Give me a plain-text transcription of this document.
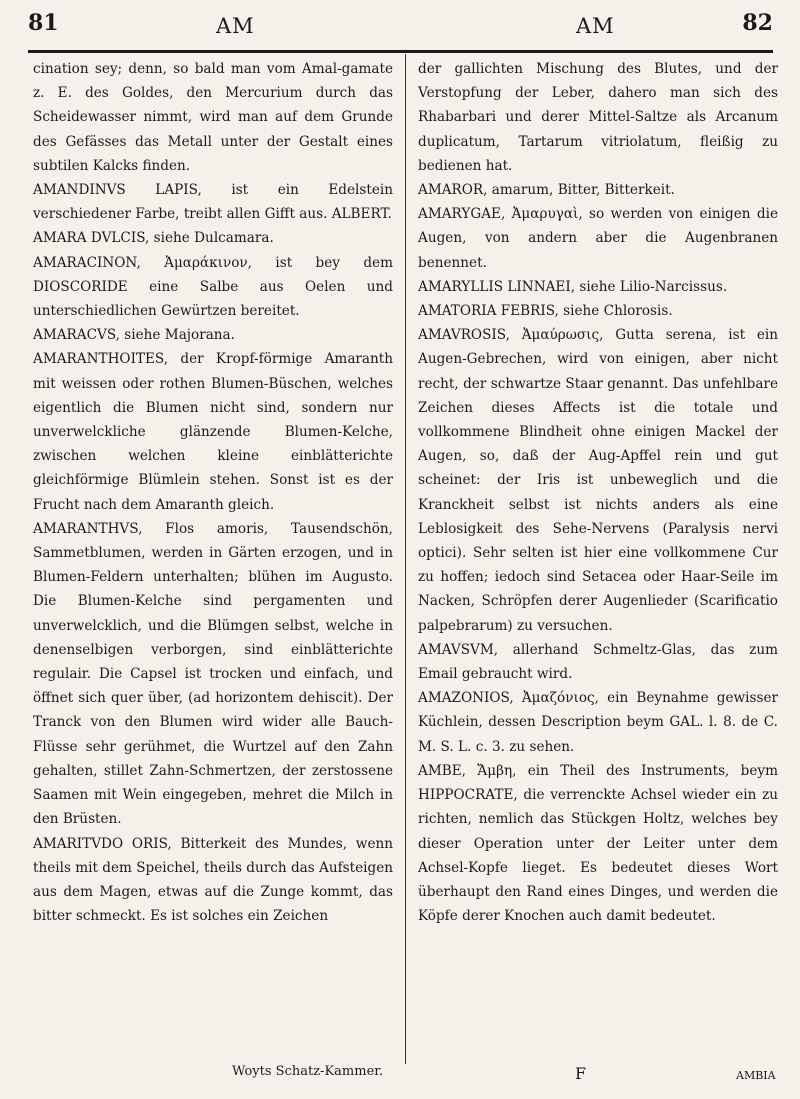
81	AM	AM	82

cination sey; denn, so bald man vom Amal-gamate z. E. des Goldes, den Mercurium durch das Scheidewasser nimmt, wird man auf dem Grunde des Gefässes das Metall unter der Gestalt eines subtilen Kalcks finden.

AMANDINVS LAPIS, ist ein Edelstein verschiedener Farbe, treibt allen Gifft aus. ALBERT.

AMARA DVLCIS, siehe Dulcamara.

AMARACINON, Ἀμαράκινον, ist bey dem DIOSCORIDE eine Salbe aus Oelen und unterschiedlichen Gewürtzen bereitet.

AMARACVS, siehe Majorana.

AMARANTHOITES, der Kropf-förmige Amaranth mit weissen oder rothen Blumen-Büschen, welches eigentlich die Blumen nicht sind, sondern nur unverwelckliche glänzende Blumen-Kelche, zwischen welchen kleine einblätterichte gleichförmige Blümlein stehen. Sonst ist es der Frucht nach dem Amaranth gleich.

AMARANTHVS, Flos amoris, Tausendschön, Sammetblumen, werden in Gärten erzogen, und in Blumen-Feldern unterhalten; blühen im Augusto. Die Blumen-Kelche sind pergamenten und unverwelcklich, und die Blümgen selbst, welche in denenselbigen verborgen, sind einblätterichte regulair. Die Capsel ist trocken und einfach, und öffnet sich quer über, (ad horizontem dehiscit). Der Tranck von den Blumen wird wider alle Bauch-Flüsse sehr gerühmet, die Wurtzel auf den Zahn gehalten, stillet Zahn-Schmertzen, der zerstossene Saamen mit Wein eingegeben, mehret die Milch in den Brüsten.

AMARITVDO ORIS, Bitterkeit des Mundes, wenn theils mit dem Speichel, theils durch das Aufsteigen aus dem Magen, etwas auf die Zunge kommt, das bitter schmeckt. Es ist solches ein Zeichen

Woyts Schatz-Kammer.

der gallichten Mischung des Blutes, und der Verstopfung der Leber, dahero man sich des Rhabarbari und derer Mittel-Saltze als Arcanum duplicatum, Tartarum vitriolatum, fleißig zu bedienen hat.

AMAROR, amarum, Bitter, Bitterkeit.

AMARYGAE, Ἀμαρυγαὶ, so werden von einigen die Augen, von andern aber die Augenbranen benennet.

AMARYLLIS LINNAEI, siehe Lilio-Narcissus.

AMATORIA FEBRIS, siehe Chlorosis.

AMAVROSIS, Ἀμαύρωσις, Gutta serena, ist ein Augen-Gebrechen, wird von einigen, aber nicht recht, der schwartze Staar genannt. Das unfehlbare Zeichen dieses Affects ist die totale und vollkommene Blindheit ohne einigen Mackel der Augen, so, daß der Aug-Apffel rein und gut scheinet: der Iris ist unbeweglich und die Kranckheit selbst ist nichts anders als eine Leblosigkeit des Sehe-Nervens (Paralysis nervi optici). Sehr selten ist hier eine vollkommene Cur zu hoffen; iedoch sind Setacea oder Haar-Seile im Nacken, Schröpfen derer Augenlieder (Scarificatio palpebrarum) zu versuchen.

AMAVSVM, allerhand Schmeltz-Glas, das zum Email gebraucht wird.

AMAZONIOS, Ἀμαζόνιος, ein Beynahme gewisser Küchlein, dessen Description beym GAL. l. 8. de C. M. S. L. c. 3. zu sehen.

AMBE, Ἄμβη, ein Theil des Instruments, beym HIPPOCRATE, die verrenckte Achsel wieder ein zu richten, nemlich das Stückgen Holtz, welches bey dieser Operation unter der Leiter unter dem Achsel-Kopfe lieget. Es bedeutet dieses Wort überhaupt den Rand eines Dinges, und werden die Köpfe derer Knochen auch damit bedeutet.

F	AMBIA
